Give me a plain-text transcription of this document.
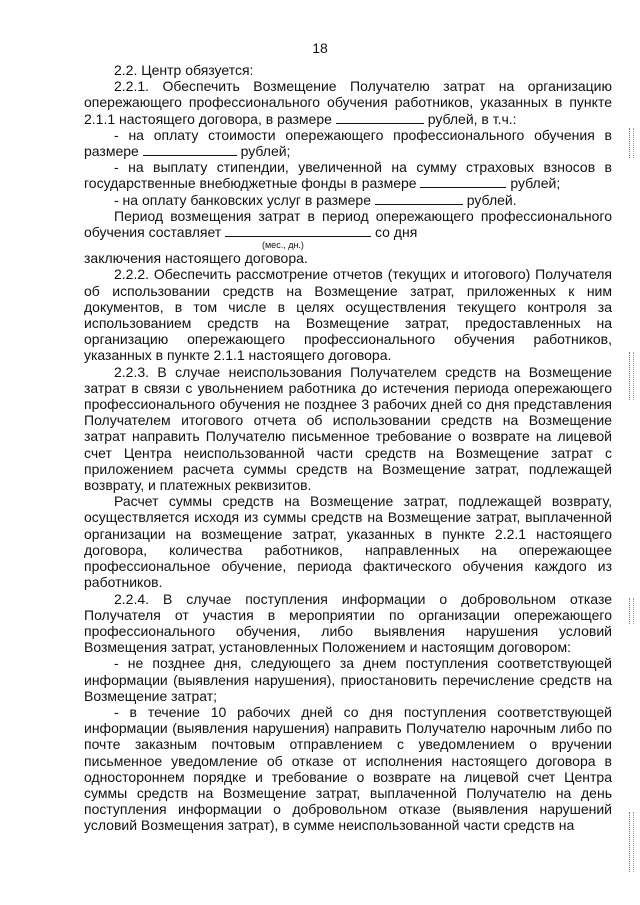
18

2.2. Центр обязуется:

2.2.1. Обеспечить Возмещение Получателю затрат на организацию опережающего профессионального обучения работников, указанных в пункте 2.1.1 настоящего договора, в размере	рублей, в т.ч.:

- на оплату стоимости опережающего профессионального обучения в размере	рублей;

- на выплату стипендии, увеличенной на сумму страховых взносов в государственные внебюджетные фонды в размере	рублей;

- на оплату банковских услуг в размере	рублей.

Период возмещения затрат в период опережающего профессионального обучения составляет	со дня

(мес., дн.)

заключения настоящего договора.

2.2.2. Обеспечить рассмотрение отчетов (текущих и итогового) Получателя об использовании средств на Возмещение затрат, приложенных к ним документов, в том числе в целях осуществления текущего контроля за использованием средств на Возмещение затрат, предоставленных на организацию опережающего профессионального обучения работников, указанных в пункте 2.1.1 настоящего договора.

2.2.3. В случае неиспользования Получателем средств на Возмещение затрат в связи с увольнением работника до истечения периода опережающего профессионального обучения не позднее 3 рабочих дней со дня представления Получателем итогового отчета об использовании средств на Возмещение затрат направить Получателю письменное требование о возврате на лицевой счет Центра неиспользованной части средств на Возмещение затрат с приложением расчета суммы средств на Возмещение затрат, подлежащей возврату, и платежных реквизитов.

Расчет суммы средств на Возмещение затрат, подлежащей возврату, осуществляется исходя из суммы средств на Возмещение затрат, выплаченной организации на возмещение затрат, указанных в пункте 2.2.1 настоящего договора, количества работников, направленных на опережающее профессиональное обучение, периода фактического обучения каждого из работников.

2.2.4. В случае поступления информации о добровольном отказе Получателя от участия в мероприятии по организации опережающего профессионального обучения, либо выявления нарушения условий Возмещения затрат, установленных Положением и настоящим договором:

- не позднее дня, следующего за днем поступления соответствующей информации (выявления нарушения), приостановить перечисление средств на Возмещение затрат;

- в течение 10 рабочих дней со дня поступления соответствующей информации (выявления нарушения) направить Получателю нарочным либо по почте заказным почтовым отправлением с уведомлением о вручении письменное уведомление об отказе от исполнения настоящего договора в одностороннем порядке и требование о возврате на лицевой счет Центра суммы средств на Возмещение затрат, выплаченной Получателю на день поступления информации о добровольном отказе (выявления нарушений условий Возмещения затрат), в сумме неиспользованной части средств на
